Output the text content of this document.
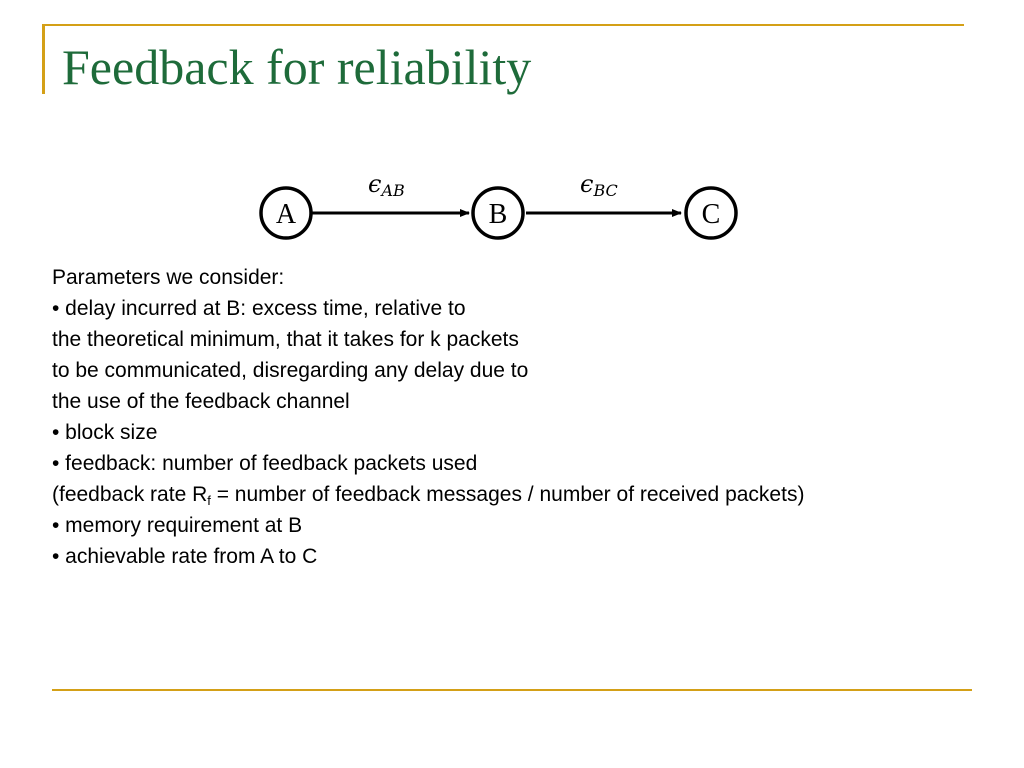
Feedback for reliability
ϵAB	ϵBC
A	B	C
Parameters we consider:
• delay incurred at B: excess time, relative to
the theoretical minimum, that it takes for k packets
to be communicated, disregarding any delay due to
the use of the feedback channel
• block size
• feedback: number of feedback packets used
(feedback rate $R_f$ = number of feedback messages / number of received packets)
• memory requirement at B
• achievable rate from A to C
